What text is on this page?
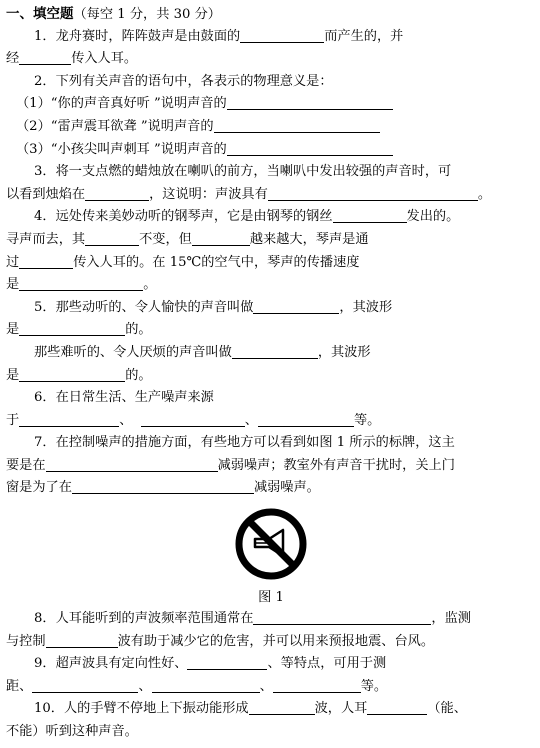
一、填空题（每空 1 分，共 30 分）
1．龙舟赛时，阵阵鼓声是由鼓面的	而产生的，并
经	传入人耳。
2．下列有关声音的语句中，各表示的物理意义是：
（1）“你的声音真好听 ”说明声音的
（2）“雷声震耳欲聋 ”说明声音的
（3）“小孩尖叫声刺耳 ”说明声音的
3．将一支点燃的蜡烛放在喇叭的前方，当喇叭中发出较强的声音时，可
以看到烛焰在	，这说明：声波具有	。
4．远处传来美妙动听的钢琴声，它是由钢琴的钢丝	发出的。
寻声而去，其	不变，但	越来越大，琴声是通
过	传入人耳的。在 15℃的空气中，琴声的传播速度
是	。
5．那些动听的、令人愉快的声音叫做	，其波形
是	的。
那些难听的、令人厌烦的声音叫做	，其波形
是	的。
6．在日常生活、生产噪声来源
于	、	、	等。
7．在控制噪声的措施方面，有些地方可以看到如图 1 所示的标牌，这主
要是在	减弱噪声；教室外有声音干扰时，关上门
窗是为了在	减弱噪声。
图 1
8．人耳能听到的声波频率范围通常在	，监测
与控制	波有助于减少它的危害，并可以用来预报地震、台风。
9．超声波具有定向性好、	、等特点，可用于测
距、	、	、	等。
10．人的手臂不停地上下振动能形成	波，人耳	（能、
不能）听到这种声音。
